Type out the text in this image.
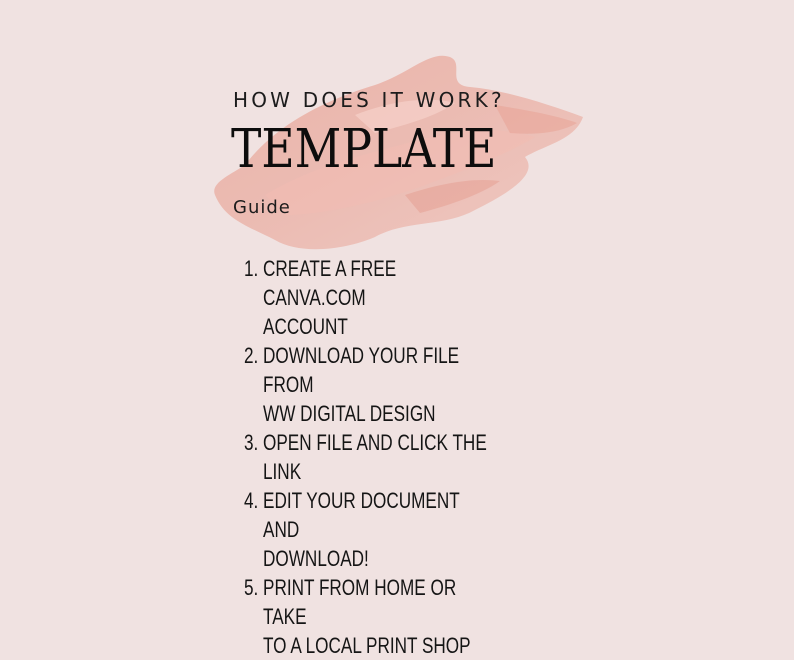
HOW DOES IT WORK?
TEMPLATE
Guide
1. CREATE A FREE CANVA.COM
ACCOUNT
2. DOWNLOAD YOUR FILE FROM
WW DIGITAL DESIGN
3. OPEN FILE AND CLICK THE LINK
4. EDIT YOUR DOCUMENT AND
DOWNLOAD!
5. PRINT FROM HOME OR TAKE
TO A LOCAL PRINT SHOP
